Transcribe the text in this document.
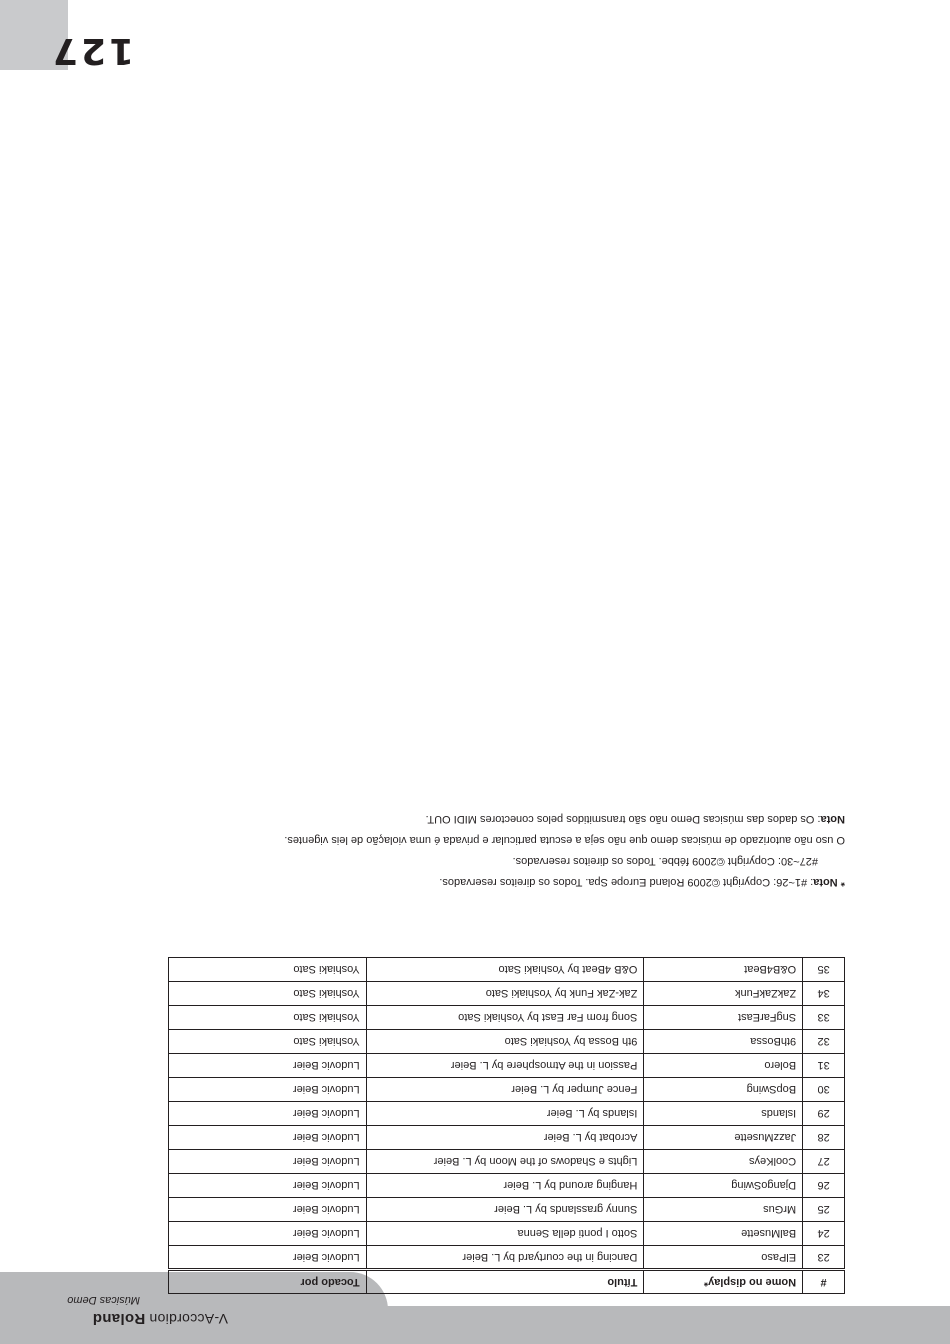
V-AccordionRoland
Músicas Demo
#	Nome no display*	Título	Tocado por
23	ElPaso	Dancing in the courtyard by L. Beier	Ludovic Beier
24	BalMusette	Sotto I ponti della Senna	Ludovic Beier
25	MrGus	Sunny grasslands by L. Beier	Ludovic Beier
26	DjangoSwing	Hanging around by L. Beier	Ludovic Beier
27	CoolKeys	Lights e Shadows of the Moon by L. Beier	Ludovic Beier
28	JazzMusette	Acrobat by L. Beier	Ludovic Beier
29	Islands	Islands by L. Beier	Ludovic Beier
30	BopSwing	Fence Jumper by L. Beier	Ludovic Beier
31	Bolero	Passion in the Atmosphere by L. Beier	Ludovic Beier
32	9thBossa	9th Bossa by Yoshiaki Sato	Yoshiaki Sato
33	SngFarEast	Song from Far East by Yoshiaki Sato	Yoshiaki Sato
34	ZakZakFunk	Zak-Zak Funk by Yoshiaki Sato	Yoshiaki Sato
35	O&B4Beat	O&B 4Beat by Yoshiaki Sato	Yoshiaki Sato

* Nota: #1~26: Copyright ©2009 Roland Europe Spa. Todos os direitos reservados.

#27~30: Copyright ©2009 fébbe. Todos os direitos reservados.

O uso não autorizado de músicas demo que não seja a escuta particular e privada é uma violação de leis vigentes.

Nota: Os dados das músicas Demo não são transmitidos pelos conectores MIDI OUT.

127
